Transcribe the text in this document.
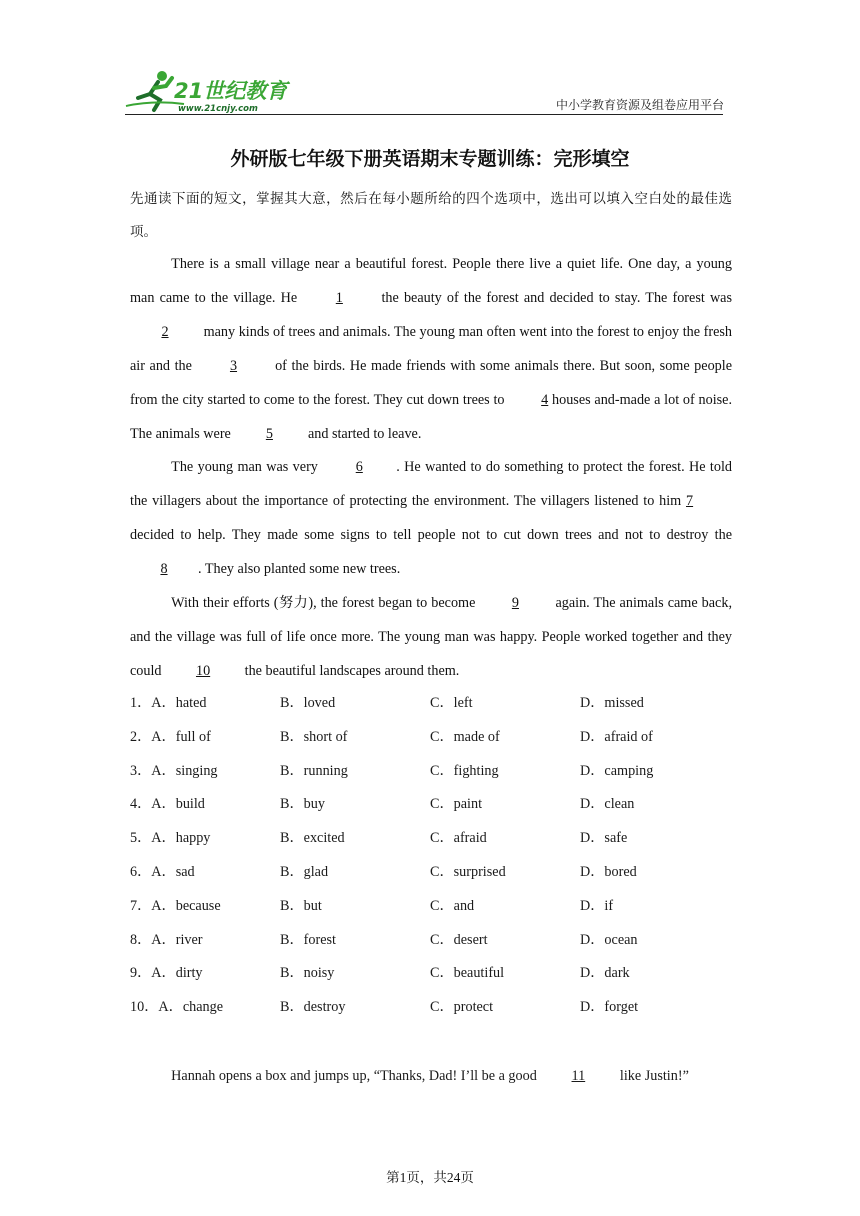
21世纪教育
www.21cnjy.com	中小学教育资源及组卷应用平台
外研版七年级下册英语期末专题训练：完形填空
先通读下面的短文，掌握其大意，然后在每小题所给的四个选项中，选出可以填入空白处的最佳选项。

There is a small village near a beautiful forest. People there live a quiet life. One day, a young man came to the village. He 1 the beauty of the forest and decided to stay. The forest was 2 many kinds of trees and animals. The young man often went into the forest to enjoy the fresh air and the 3 of the birds. He made friends with some animals there. But soon, some people from the city started to come to the forest. They cut down trees to 4 houses and-made a lot of noise. The animals were 5 and started to leave.

The young man was very 6 . He wanted to do something to protect the forest. He told the villagers about the importance of protecting the environment. The villagers listened to him 7 decided to help. They made some signs to tell people not to cut down trees and not to destroy the 8 . They also planted some new trees.

With their efforts (努力), the forest began to become 9 again. The animals came back, and the village was full of life once more. The young man was happy. People worked together and they could 10 the beautiful landscapes around them.

1．A．hated	B．loved	C．left	D．missed
2．A．full of	B．short of	C．made of	D．afraid of
3．A．singing	B．running	C．fighting	D．camping
4．A．build	B．buy	C．paint	D．clean
5．A．happy	B．excited	C．afraid	D．safe
6．A．sad	B．glad	C．surprised	D．bored
7．A．because	B．but	C．and	D．if
8．A．river	B．forest	C．desert	D．ocean
9．A．dirty	B．noisy	C．beautiful	D．dark
10．A．change	B．destroy	C．protect	D．forget
Hannah opens a box and jumps up, “Thanks, Dad! I’ll be a good 11 like Justin!”
第1页，共24页
